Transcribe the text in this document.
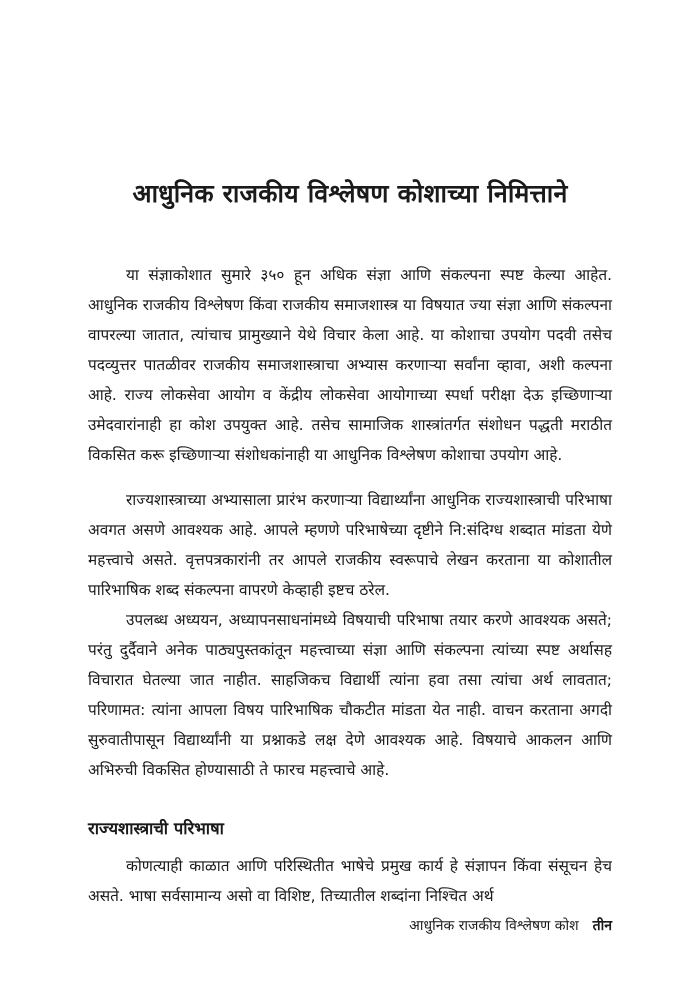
आधुनिक राजकीय विश्लेषण कोशाच्या निमित्ताने

या संज्ञाकोशात सुमारे ३५० हून अधिक संज्ञा आणि संकल्पना स्पष्ट केल्या आहेत. आधुनिक राजकीय विश्लेषण किंवा राजकीय समाजशास्त्र या विषयात ज्या संज्ञा आणि संकल्पना वापरल्या जातात, त्यांचाच प्रामुख्याने येथे विचार केला आहे. या कोशाचा उपयोग पदवी तसेच पदव्युत्तर पातळीवर राजकीय समाजशास्त्राचा अभ्यास करणाऱ्या सर्वांना व्हावा, अशी कल्पना आहे. राज्य लोकसेवा आयोग व केंद्रीय लोकसेवा आयोगाच्या स्पर्धा परीक्षा देऊ इच्छिणाऱ्या उमेदवारांनाही हा कोश उपयुक्त आहे. तसेच सामाजिक शास्त्रांतर्गत संशोधन पद्धती मराठीत विकसित करू इच्छिणाऱ्या संशोधकांनाही या आधुनिक विश्लेषण कोशाचा उपयोग आहे.

राज्यशास्त्राच्या अभ्यासाला प्रारंभ करणाऱ्या विद्यार्थ्यांना आधुनिक राज्यशास्त्राची परिभाषा अवगत असणे आवश्यक आहे. आपले म्हणणे परिभाषेच्या दृष्टीने नि:संदिग्ध शब्दात मांडता येणे महत्त्वाचे असते. वृत्तपत्रकारांनी तर आपले राजकीय स्वरूपाचे लेखन करताना या कोशातील पारिभाषिक शब्द संकल्पना वापरणे केव्हाही इष्टच ठरेल.

उपलब्ध अध्ययन, अध्यापनसाधनांमध्ये विषयाची परिभाषा तयार करणे आवश्यक असते; परंतु दुर्दैवाने अनेक पाठ्यपुस्तकांतून महत्त्वाच्या संज्ञा आणि संकल्पना त्यांच्या स्पष्ट अर्थासह विचारात घेतल्या जात नाहीत. साहजिकच विद्यार्थी त्यांना हवा तसा त्यांचा अर्थ लावतात; परिणामत: त्यांना आपला विषय पारिभाषिक चौकटीत मांडता येत नाही. वाचन करताना अगदी सुरुवातीपासून विद्यार्थ्यांनी या प्रश्नाकडे लक्ष देणे आवश्यक आहे. विषयाचे आकलन आणि अभिरुची विकसित होण्यासाठी ते फारच महत्त्वाचे आहे.

राज्यशास्त्राची परिभाषा

कोणत्याही काळात आणि परिस्थितीत भाषेचे प्रमुख कार्य हे संज्ञापन किंवा संसूचन हेच असते. भाषा सर्वसामान्य असो वा विशिष्ट, तिच्यातील शब्दांना निश्चित अर्थ

आधुनिक राजकीय विश्लेषण कोश तीन
